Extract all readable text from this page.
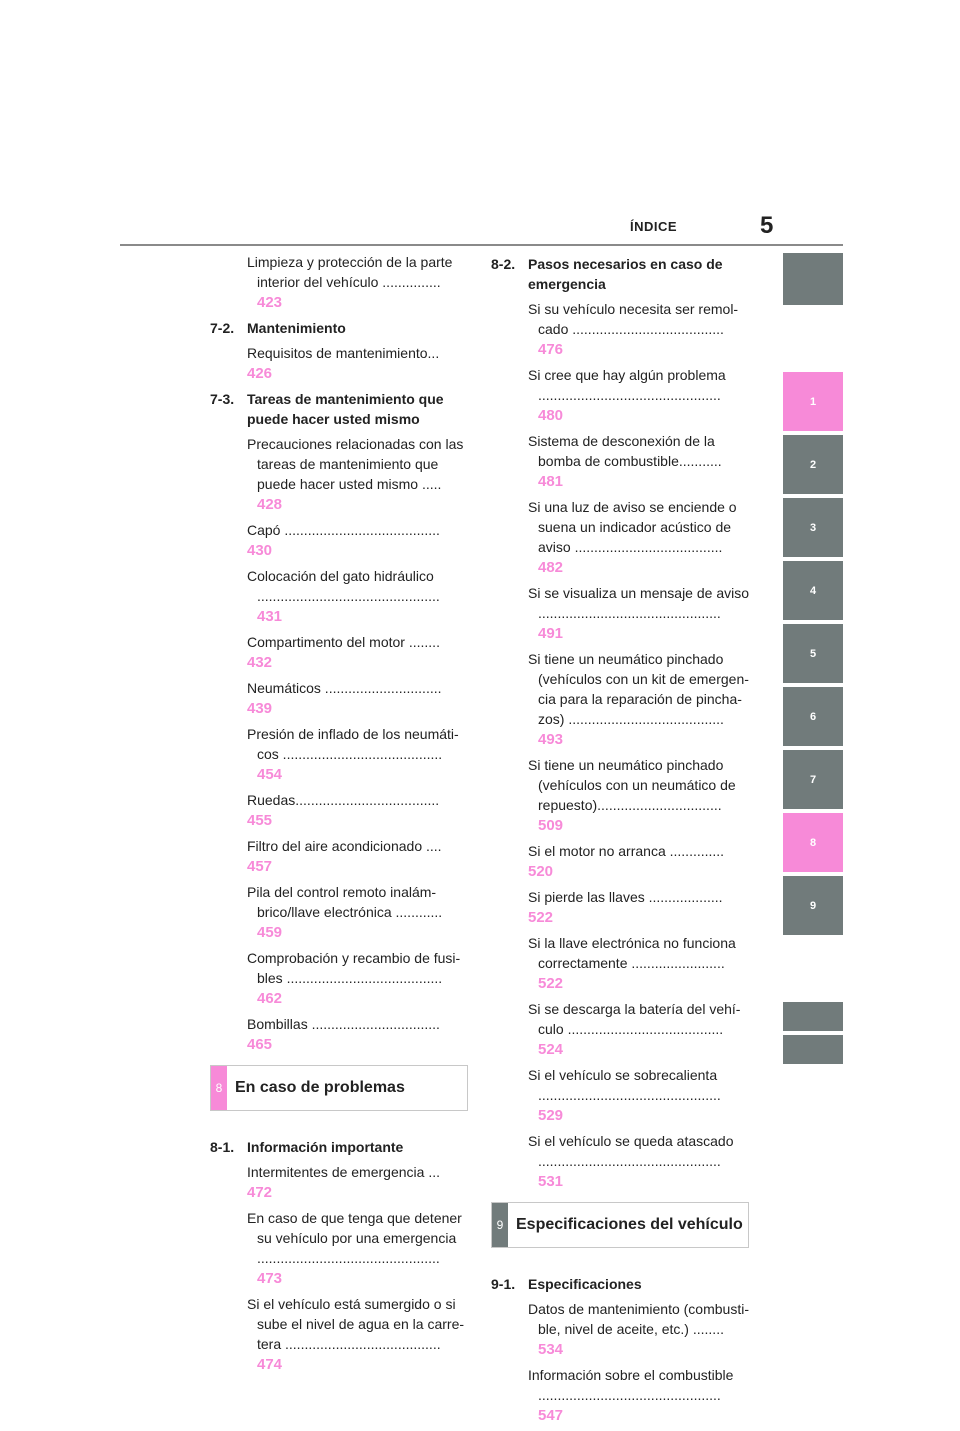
ÍNDICE	5
1
2
3
4
5
6
7
8
9
Limpieza y protección de la parte
interior del vehículo ............... 423
7-2. Mantenimiento
Requisitos de mantenimiento... 426
7-3. Tareas de mantenimiento que puede hacer usted mismo
Precauciones relacionadas con las
tareas de mantenimiento que
puede hacer usted mismo ..... 428
Capó ........................................ 430
Colocación del gato hidráulico
............................................... 431
Compartimento del motor ........ 432
Neumáticos .............................. 439
Presión de inflado de los neumáti-
cos ......................................... 454
Ruedas..................................... 455
Filtro del aire acondicionado .... 457
Pila del control remoto inalám-
brico/llave electrónica ............ 459
Comprobación y recambio de fusi-
bles ........................................ 462
Bombillas ................................. 465
8 En caso de problemas
8-1. Información importante
Intermitentes de emergencia ... 472
En caso de que tenga que detener
su vehículo por una emergencia
............................................... 473
Si el vehículo está sumergido o si
sube el nivel de agua en la carre-
tera ........................................ 474
8-2. Pasos necesarios en caso de emergencia
Si su vehículo necesita ser remol-
cado ....................................... 476
Si cree que hay algún problema
............................................... 480
Sistema de desconexión de la
bomba de combustible........... 481
Si una luz de aviso se enciende o
suena un indicador acústico de
aviso ...................................... 482
Si se visualiza un mensaje de aviso
............................................... 491
Si tiene un neumático pinchado
(vehículos con un kit de emergen-
cia para la reparación de pincha-
zos) ........................................ 493
Si tiene un neumático pinchado
(vehículos con un neumático de
repuesto)................................ 509
Si el motor no arranca .............. 520
Si pierde las llaves ................... 522
Si la llave electrónica no funciona
correctamente ........................ 522
Si se descarga la batería del vehí-
culo ........................................ 524
Si el vehículo se sobrecalienta
............................................... 529
Si el vehículo se queda atascado
............................................... 531
9 Especificaciones del vehículo
9-1. Especificaciones
Datos de mantenimiento (combusti-
ble, nivel de aceite, etc.) ........ 534
Información sobre el combustible
............................................... 547
